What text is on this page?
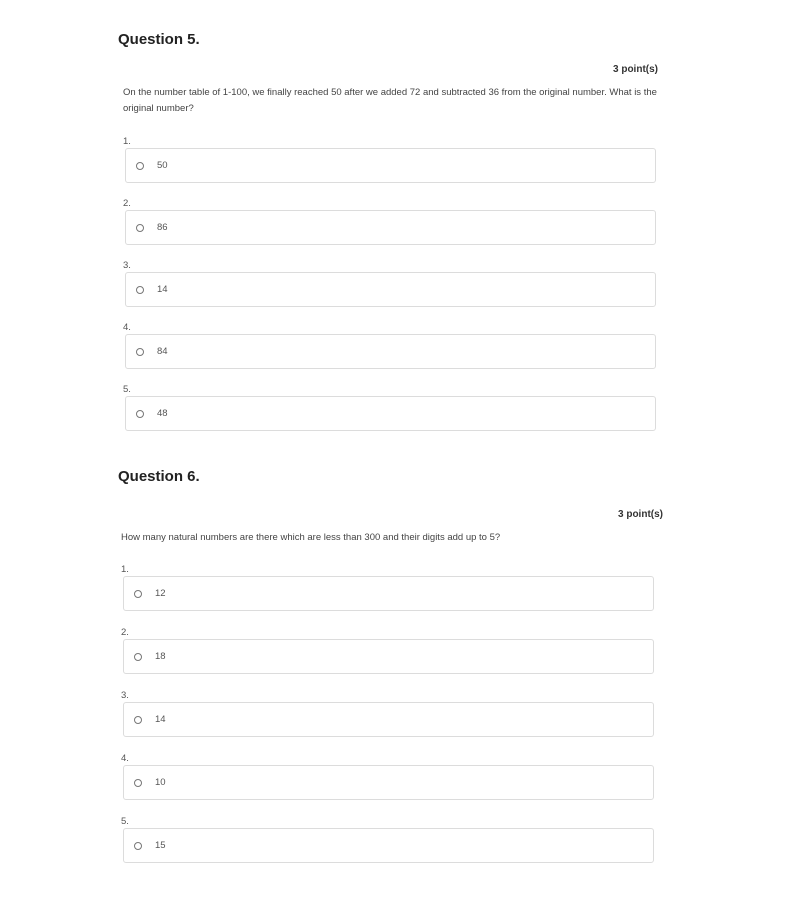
Question 5.
3 point(s)
On the number table of 1-100, we finally reached 50 after we added 72 and subtracted 36 from the original number. What is the original number?
1.
50
2.
86
3.
14
4.
84
5.
48
Question 6.
3 point(s)
How many natural numbers are there which are less than 300 and their digits add up to 5?
1.
12
2.
18
3.
14
4.
10
5.
15
